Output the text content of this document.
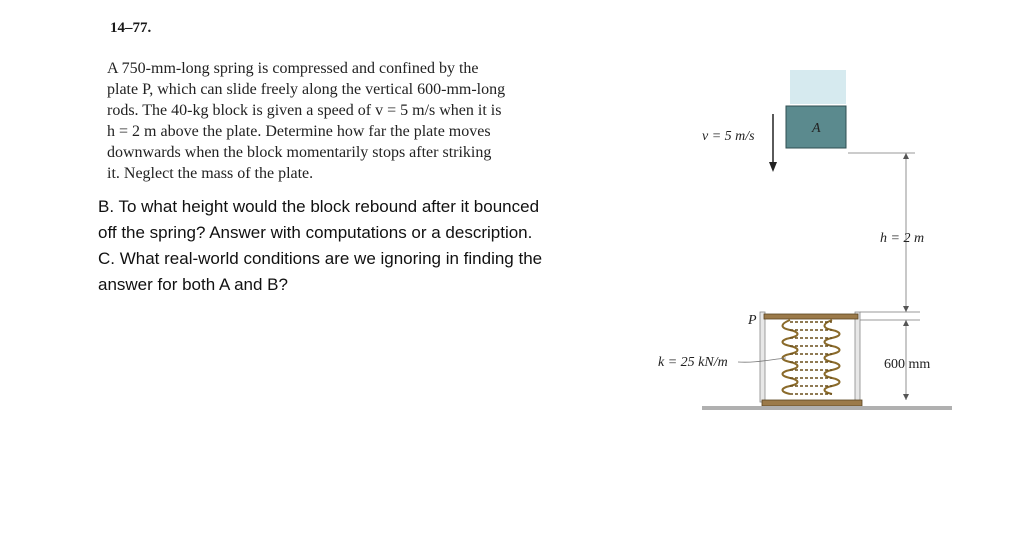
14–77.
A 750-mm-long spring is compressed and confined by the
plate P, which can slide freely along the vertical 600-mm-long
rods. The 40-kg block is given a speed of v = 5 m/s when it is
h = 2 m above the plate. Determine how far the plate moves
downwards when the block momentarily stops after striking
it. Neglect the mass of the plate.
B. To what height would the block rebound after it bounced
off the spring? Answer with computations or a description.
C. What real-world conditions are we ignoring in finding the
answer for both A and B?
A
v = 5 m/s
h = 2 m
600 mm
P
k = 25 kN/m
